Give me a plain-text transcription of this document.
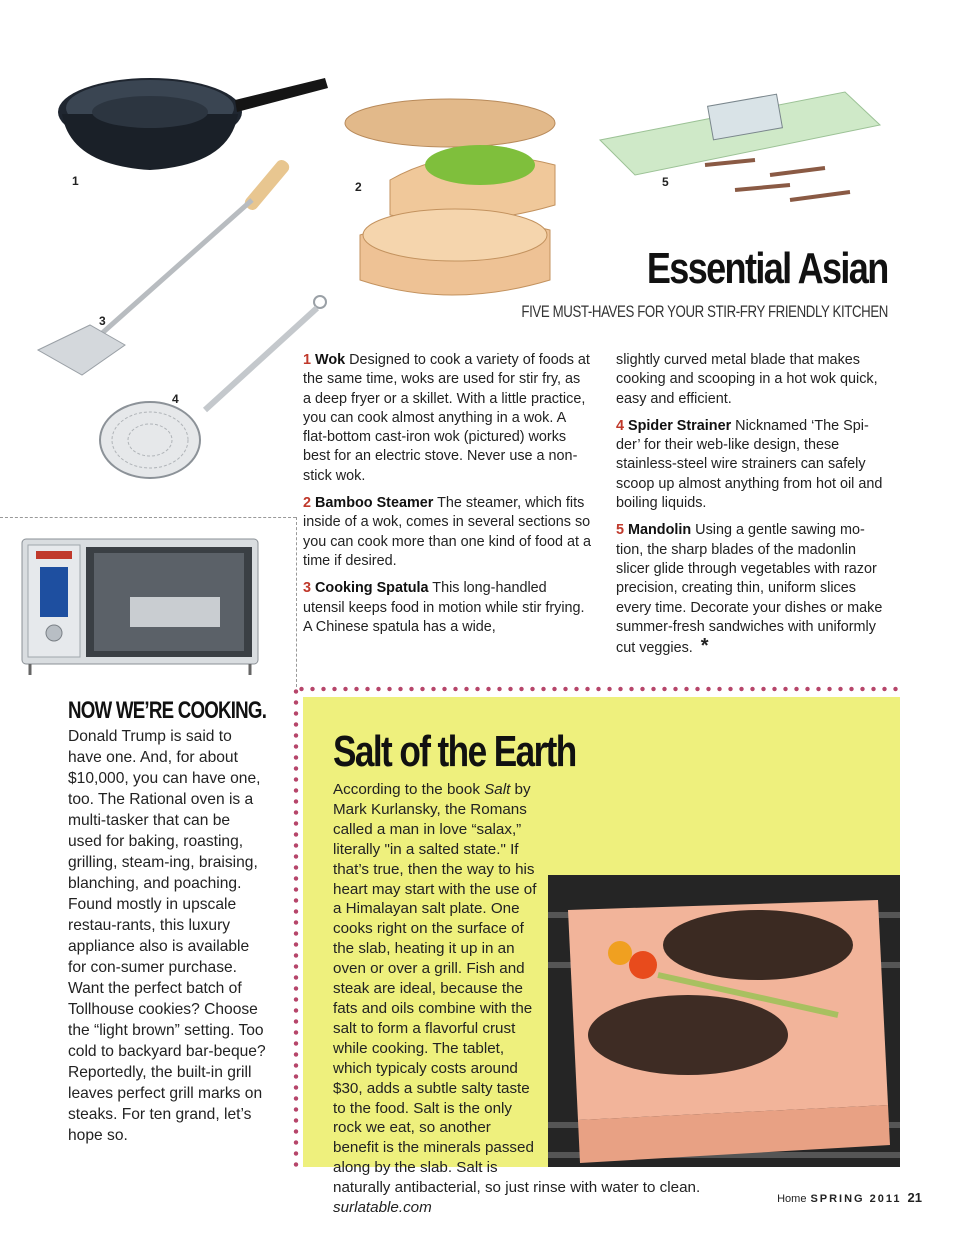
1	2	5
3
4
Essential Asian
FIVE MUST-HAVES FOR YOUR STIR-FRY FRIENDLY KITCHEN

1 Wok Designed to cook a variety of foods at the same time, woks are used for stir fry, as a deep fryer or a skillet. With a little practice, you can cook almost anything in a wok. A flat-bottom cast-iron wok (pictured) works best for an electric stove. Never use a non-stick wok.

2 Bamboo Steamer The steamer, which fits inside of a wok, comes in several sections so you can cook more than one kind of food at a time if desired.

3 Cooking Spatula This long-handled utensil keeps food in motion while stir frying. A Chinese spatula has a wide,

slightly curved metal blade that makes cooking and scooping in a hot wok quick, easy and efficient.

4 Spider Strainer Nicknamed ‘The Spi-der’ for their web-like design, these stainless-steel wire strainers can safely scoop up almost anything from hot oil and boiling liquids.

5 Mandolin Using a gentle sawing mo-tion, the sharp blades of the madonlin slicer glide through vegetables with razor precision, creating thin, uniform slices every time. Decorate your dishes or make summer-fresh sandwiches with uniformly cut veggies. *

NOW WE’RE COOKING.
Donald Trump is said to have one. And, for about $10,000, you can have one, too. The Rational oven is a multi-tasker that can be used for baking, roasting, grilling, steam-ing, braising, blanching, and poaching. Found mostly in upscale restau-rants, this luxury appliance also is available for con-sumer purchase. Want the perfect batch of Tollhouse cookies? Choose the “light brown” setting. Too cold to backyard bar-beque? Reportedly, the built-in grill leaves perfect grill marks on steaks. For ten grand, let’s hope so.
Salt of the Earth
According to the book Salt by Mark Kurlansky, the Romans called a man in love “salax,” literally "in a salted state." If that’s true, then the way to his heart may start with the use of a Himalayan salt plate. One cooks right on the surface of the slab, heating it up in an oven or over a grill. Fish and steak are ideal, because the fats and oils combine with the salt to form a flavorful crust while cooking. The tablet, which typicaly costs around $30, adds a subtle salty taste to the food. Salt is the only rock we eat, so another benefit is the minerals passed along by the slab. Salt is naturally antibacterial, so just rinse with water to clean.
surlatable.com
Home SPRING 2011 21
